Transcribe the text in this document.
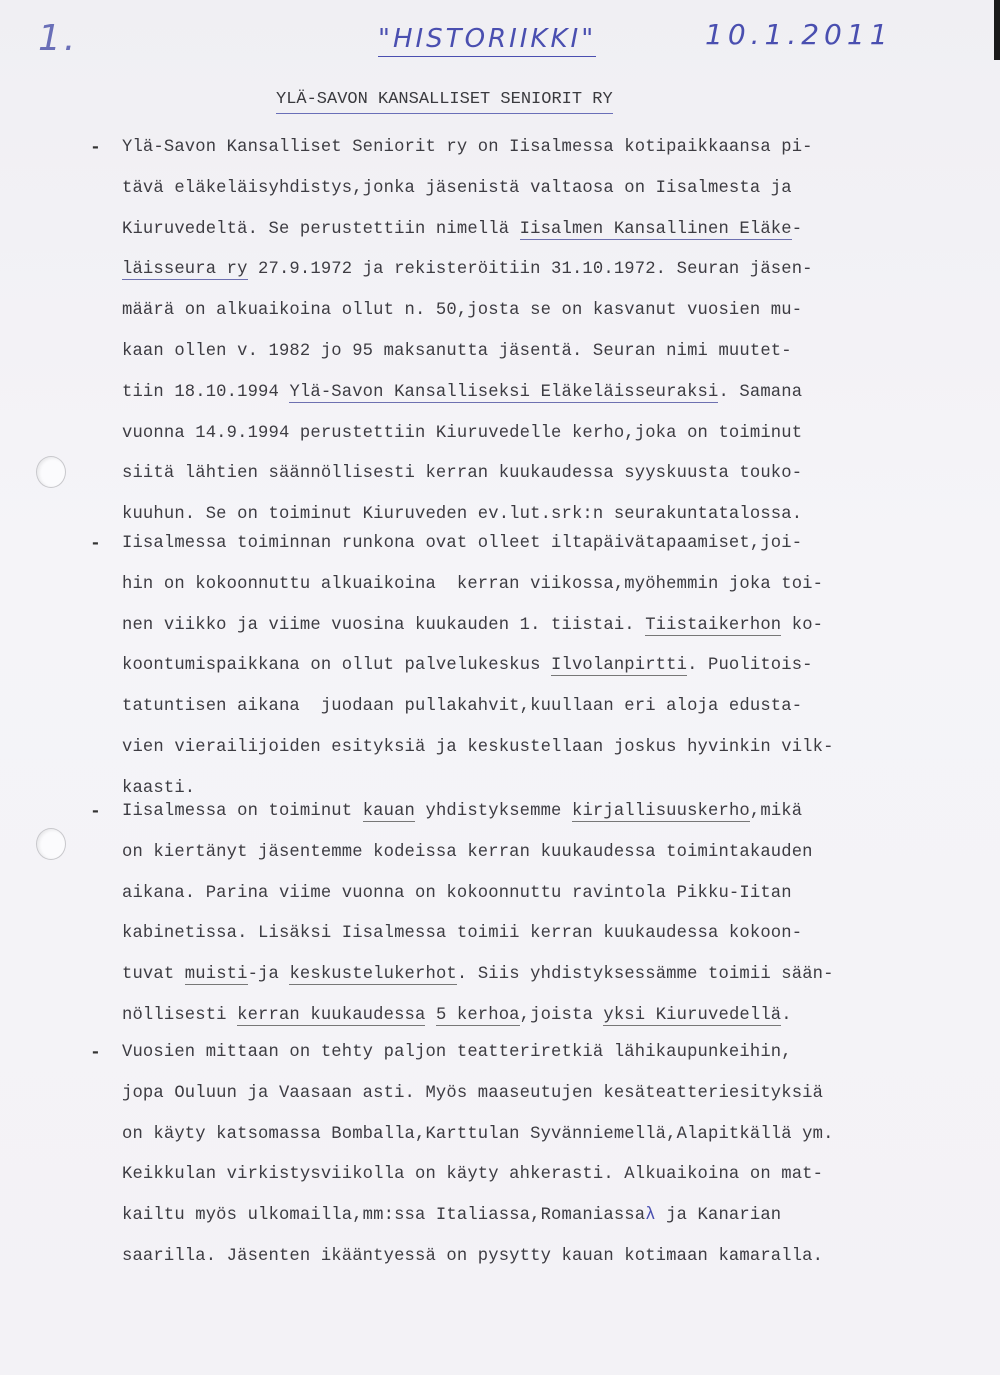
1.	"HISTORIIKKI"	10.1.2011
YLÄ-SAVON KANSALLISET SENIORIT RY
- Ylä-Savon Kansalliset Seniorit ry on Iisalmessa kotipaikkaansa pi-
tävä eläkeläisyhdistys,jonka jäsenistä valtaosa on Iisalmesta ja
Kiuruvedeltä. Se perustettiin nimellä Iisalmen Kansallinen Eläke-
läisseura ry 27.9.1972 ja rekisteröitiin 31.10.1972. Seuran jäsen-
määrä on alkuaikoina ollut n. 50,josta se on kasvanut vuosien mu-
kaan ollen v. 1982 jo 95 maksanutta jäsentä. Seuran nimi muutet-
tiin 18.10.1994 Ylä-Savon Kansalliseksi Eläkeläisseuraksi. Samana
vuonna 14.9.1994 perustettiin Kiuruvedelle kerho,joka on toiminut
siitä lähtien säännöllisesti kerran kuukaudessa syyskuusta touko-
kuuhun. Se on toiminut Kiuruveden ev.lut.srk:n seurakuntatalossa.
- Iisalmessa toiminnan runkona ovat olleet iltapäivätapaamiset,joi-
hin on kokoonnuttu alkuaikoina  kerran viikossa,myöhemmin joka toi-
nen viikko ja viime vuosina kuukauden 1. tiistai. Tiistaikerhon ko-
koontumispaikkana on ollut palvelukeskus Ilvolanpirtti. Puolitois-
tatuntisen aikana  juodaan pullakahvit,kuullaan eri aloja edusta-
vien vierailijoiden esityksiä ja keskustellaan joskus hyvinkin vilk-
kaasti.
- Iisalmessa on toiminut kauan yhdistyksemme kirjallisuuskerho,mikä
on kiertänyt jäsentemme kodeissa kerran kuukaudessa toimintakauden
aikana. Parina viime vuonna on kokoonnuttu ravintola Pikku-Iitan
kabinetissa. Lisäksi Iisalmessa toimii kerran kuukaudessa kokoon-
tuvat muisti-ja keskustelukerhot. Siis yhdistyksessämme toimii sään-
nöllisesti kerran kuukaudessa 5 kerhoa,joista yksi Kiuruvedellä.
- Vuosien mittaan on tehty paljon teatteriretkiä lähikaupunkeihin,
jopa Ouluun ja Vaasaan asti. Myös maaseutujen kesäteatteriesityksiä
on käyty katsomassa Bomballa,Karttulan Syvänniemellä,Alapitkällä ym.
Keikkulan virkistysviikolla on käyty ahkerasti. Alkuaikoina on mat-
kailtu myös ulkomailla,mm:ssa Italiassa,Romaniassaλ ja Kanarian
saarilla. Jäsenten ikääntyessä on pysytty kauan kotimaan kamaralla.
